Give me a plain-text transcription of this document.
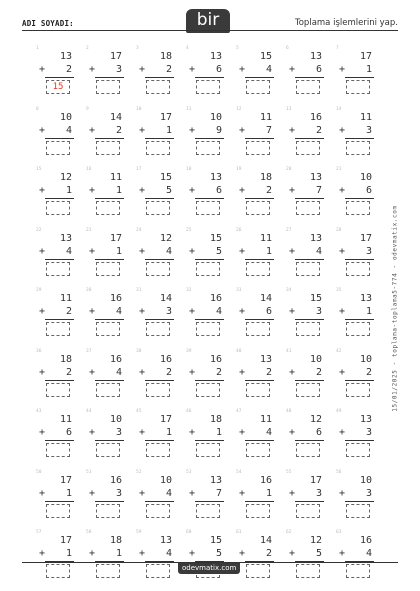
ADI SOYADI:	bir	Toplama işlemlerini yap.
15/01/2025 - toplama-toplama5-774 - odevmatix.com
1
13
+	2
15
2
17
+	3
3
18
+	2
4
13
+	6
5
15
+	4
6
13
+	6
7
17
+	1
8
10
+	4
9
14
+	2
10
17
+	1
11
10
+	9
12
11
+	7
13
16
+	2
14
11
+	3
15
12
+	1
16
11
+	1
17
15
+	5
18
13
+	6
19
18
+	2
20
13
+	7
21
10
+	6
22
13
+	4
23
17
+	1
24
12
+	4
25
15
+	5
26
11
+	1
27
13
+	4
28
17
+	3
29
11
+	2
30
16
+	4
31
14
+	3
32
16
+	4
33
14
+	6
34
15
+	3
35
13
+	1
36
18
+	2
37
16
+	4
38
16
+	2
39
16
+	2
40
13
+	2
41
10
+	2
42
10
+	2
43
11
+	6
44
10
+	3
45
17
+	1
46
18
+	1
47
11
+	4
48
12
+	6
49
13
+	3
50
17
+	1
51
16
+	3
52
10
+	4
53
13
+	7
54
16
+	1
55
17
+	3
56
10
+	3
57
17
+	1
58
18
+	1
59
13
+	4
60
15
+	5
61
14
+	2
62
12
+	5
63
16
+	4
odevmatix.com
